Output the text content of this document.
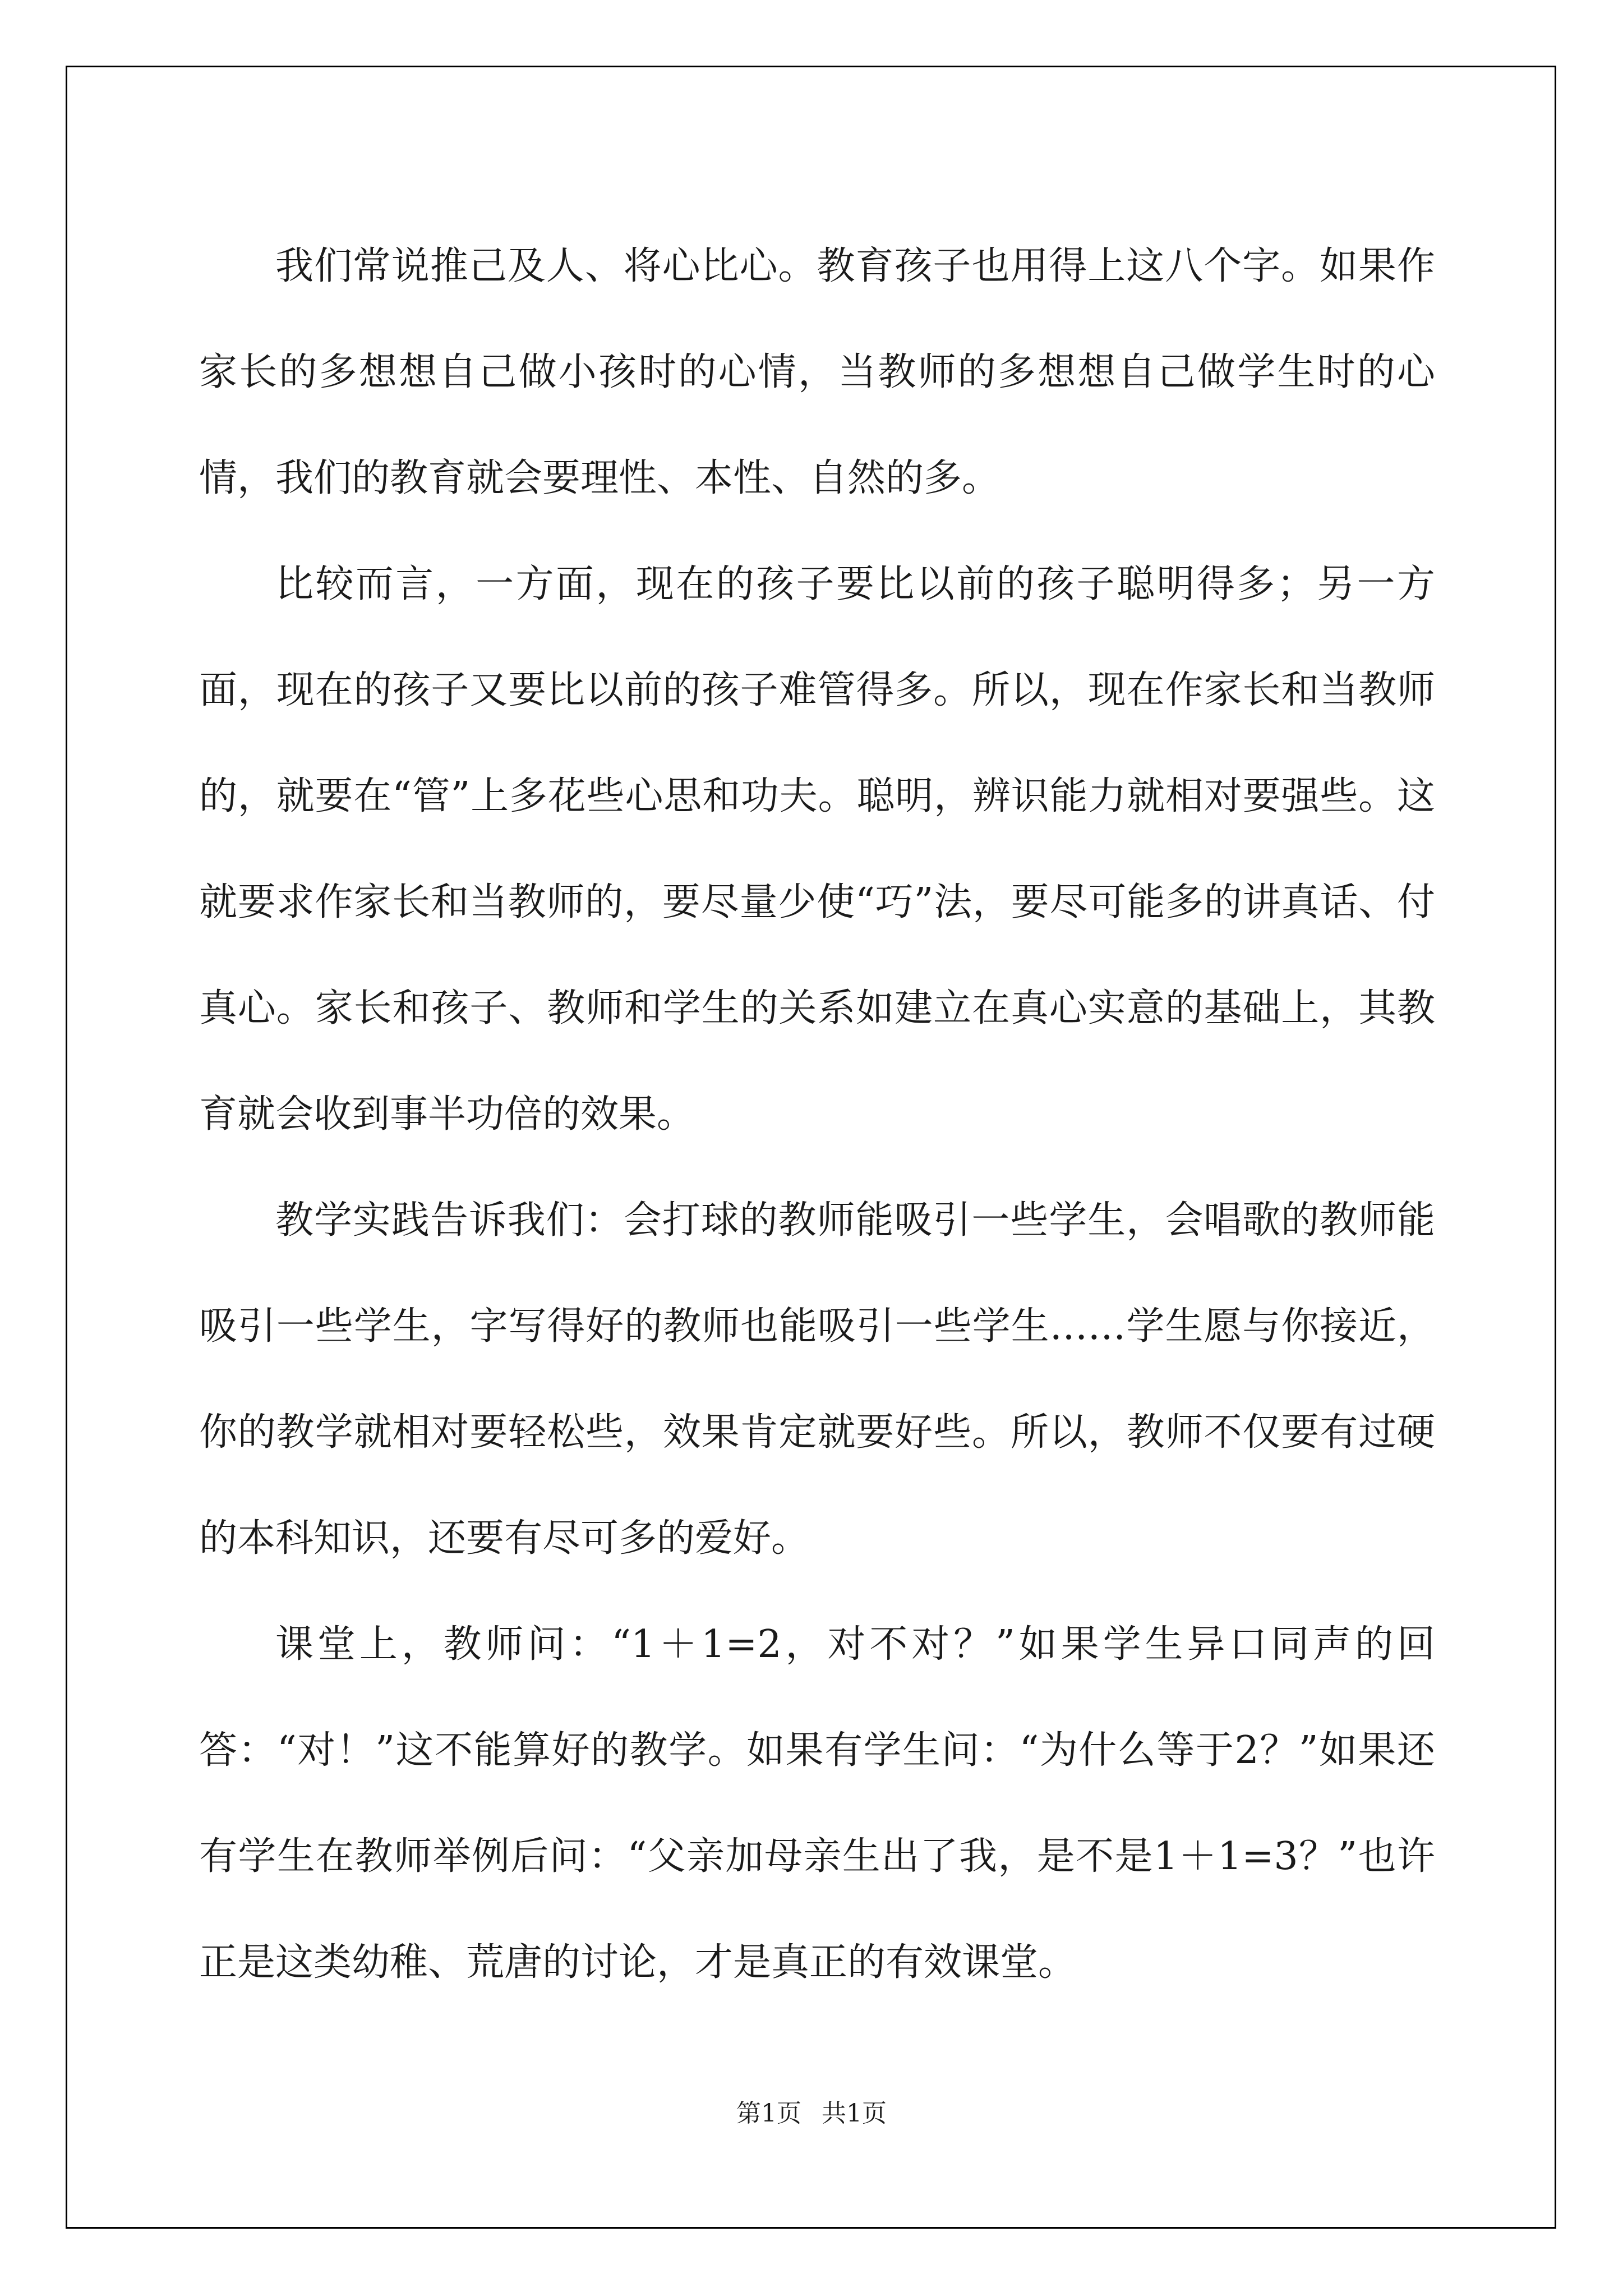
我们常说推己及人、将心比心。教育孩子也用得上这八个字。如果作家长的多想想自己做小孩时的心情，当教师的多想想自己做学生时的心情，我们的教育就会要理性、本性、自然的多。

比较而言，一方面，现在的孩子要比以前的孩子聪明得多；另一方面，现在的孩子又要比以前的孩子难管得多。所以，现在作家长和当教师的，就要在“管”上多花些心思和功夫。聪明，辨识能力就相对要强些。这就要求作家长和当教师的，要尽量少使“巧”法，要尽可能多的讲真话、付真心。家长和孩子、教师和学生的关系如建立在真心实意的基础上，其教育就会收到事半功倍的效果。

教学实践告诉我们：会打球的教师能吸引一些学生，会唱歌的教师能吸引一些学生，字写得好的教师也能吸引一些学生……学生愿与你接近，你的教学就相对要轻松些，效果肯定就要好些。所以，教师不仅要有过硬的本科知识，还要有尽可多的爱好。

课堂上，教师问：“1＋1=2，对不对？”如果学生异口同声的回答：“对！”这不能算好的教学。如果有学生问：“为什么等于2？”如果还有学生在教师举例后问：“父亲加母亲生出了我，是不是1＋1=3？”也许正是这类幼稚、荒唐的讨论，才是真正的有效课堂。

第1页 共1页
